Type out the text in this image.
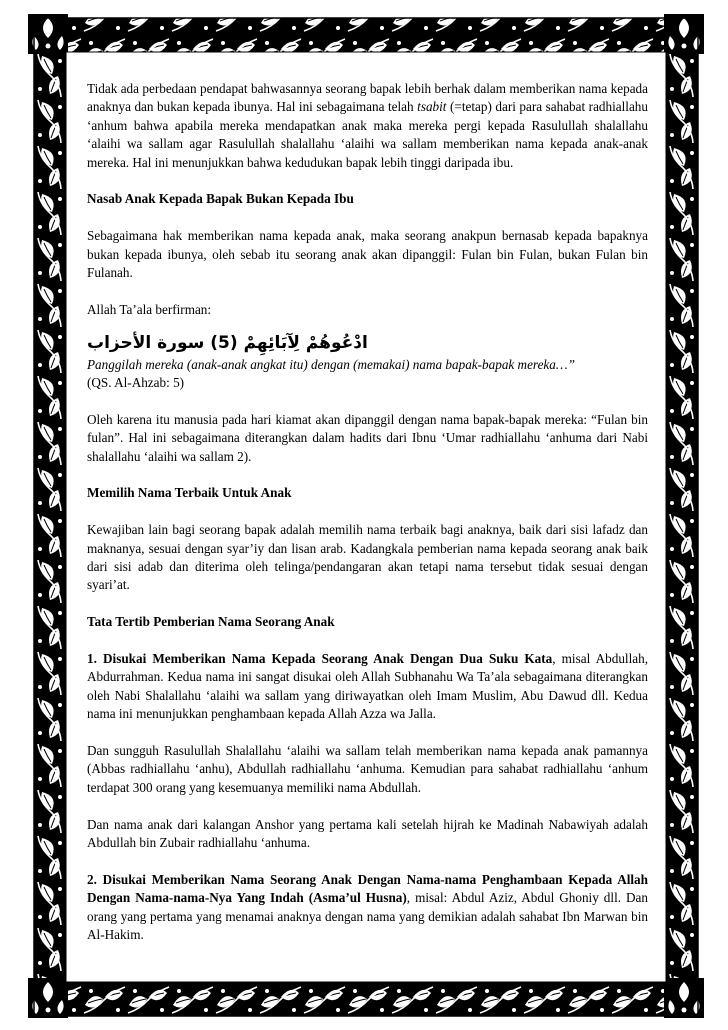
Tidak ada perbedaan pendapat bahwasannya seorang bapak lebih berhak dalam memberikan nama kepada anaknya dan bukan kepada ibunya. Hal ini sebagaimana telah tsabit (=tetap) dari para sahabat radhiallahu ‘anhum bahwa apabila mereka mendapatkan anak maka mereka pergi kepada Rasulullah shalallahu ‘alaihi wa sallam agar Rasulullah shalallahu ‘alaihi wa sallam memberikan nama kepada anak-anak mereka. Hal ini menunjukkan bahwa kedudukan bapak lebih tinggi daripada ibu.

Nasab Anak Kepada Bapak Bukan Kepada Ibu

Sebagaimana hak memberikan nama kepada anak, maka seorang anakpun bernasab kepada bapaknya bukan kepada ibunya, oleh sebab itu seorang anak akan dipanggil: Fulan bin Fulan, bukan Fulan bin Fulanah.

Allah Ta’ala berfirman:

ادْعُوهُمْ لِآبَائِهِمْ (5) سورة الأحزاب

Panggilah mereka (anak-anak angkat itu) dengan (memakai) nama bapak-bapak mereka…”
(QS. Al-Ahzab: 5)

Oleh karena itu manusia pada hari kiamat akan dipanggil dengan nama bapak-bapak mereka: “Fulan bin fulan”. Hal ini sebagaimana diterangkan dalam hadits dari Ibnu ‘Umar radhiallahu ‘anhuma dari Nabi shalallahu ‘alaihi wa sallam 2).

Memilih Nama Terbaik Untuk Anak

Kewajiban lain bagi seorang bapak adalah memilih nama terbaik bagi anaknya, baik dari sisi lafadz dan maknanya, sesuai dengan syar’iy dan lisan arab. Kadangkala pemberian nama kepada seorang anak baik dari sisi adab dan diterima oleh telinga/pendangaran akan tetapi nama tersebut tidak sesuai dengan syari’at.

Tata Tertib Pemberian Nama Seorang Anak

1. Disukai Memberikan Nama Kepada Seorang Anak Dengan Dua Suku Kata, misal Abdullah, Abdurrahman. Kedua nama ini sangat disukai oleh Allah Subhanahu Wa Ta’ala sebagaimana diterangkan oleh Nabi Shalallahu ‘alaihi wa sallam yang diriwayatkan oleh Imam Muslim, Abu Dawud dll. Kedua nama ini menunjukkan penghambaan kepada Allah Azza wa Jalla.

Dan sungguh Rasulullah Shalallahu ‘alaihi wa sallam telah memberikan nama kepada anak pamannya (Abbas radhiallahu ‘anhu), Abdullah radhiallahu ‘anhuma. Kemudian para sahabat radhiallahu ‘anhum terdapat 300 orang yang kesemuanya memiliki nama Abdullah.

Dan nama anak dari kalangan Anshor yang pertama kali setelah hijrah ke Madinah Nabawiyah adalah Abdullah bin Zubair radhiallahu ‘anhuma.

2. Disukai Memberikan Nama Seorang Anak Dengan Nama-nama Penghambaan Kepada Allah Dengan Nama-nama-Nya Yang Indah (Asma’ul Husna), misal: Abdul Aziz, Abdul Ghoniy dll. Dan orang yang pertama yang menamai anaknya dengan nama yang demikian adalah sahabat Ibn Marwan bin Al-Hakim.
